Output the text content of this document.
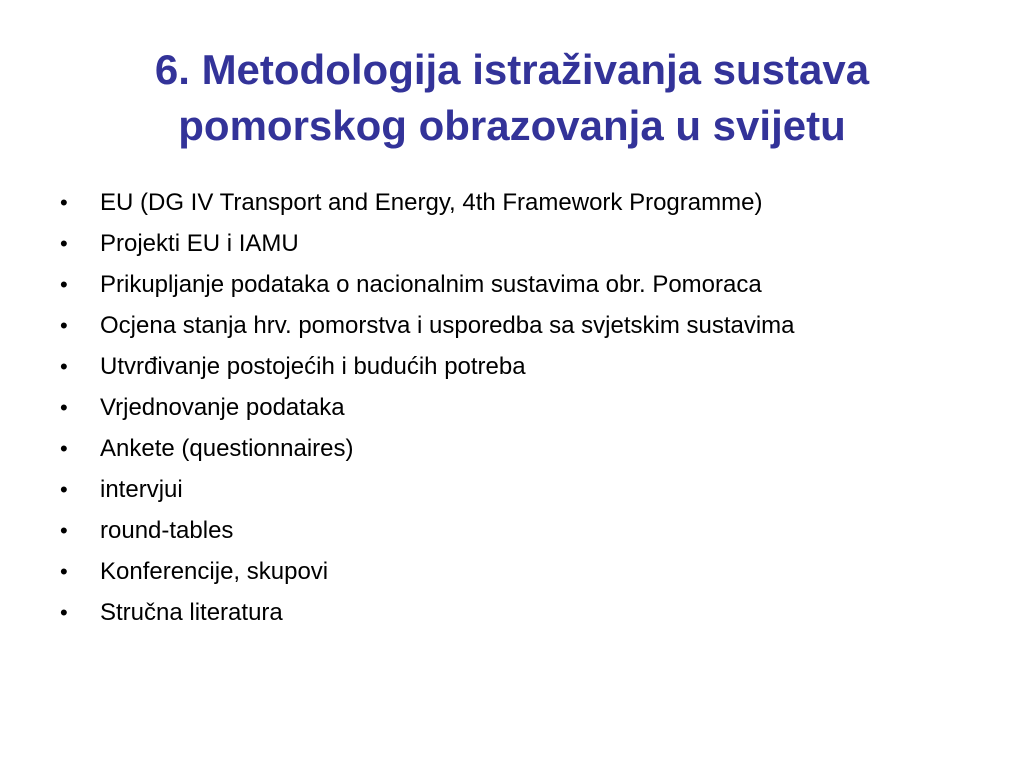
6. Metodologija istraživanja sustava
pomorskog obrazovanja u svijetu
•	EU (DG IV Transport and Energy, 4th Framework Programme)
•	Projekti EU i IAMU
•	Prikupljanje podataka o nacionalnim sustavima obr. Pomoraca
•	Ocjena stanja hrv. pomorstva i usporedba sa svjetskim sustavima
•	Utvrđivanje postojećih i budućih potreba
•	Vrjednovanje podataka
•	Ankete (questionnaires)
•	intervjui
•	round-tables
•	Konferencije, skupovi
•	Stručna literatura
